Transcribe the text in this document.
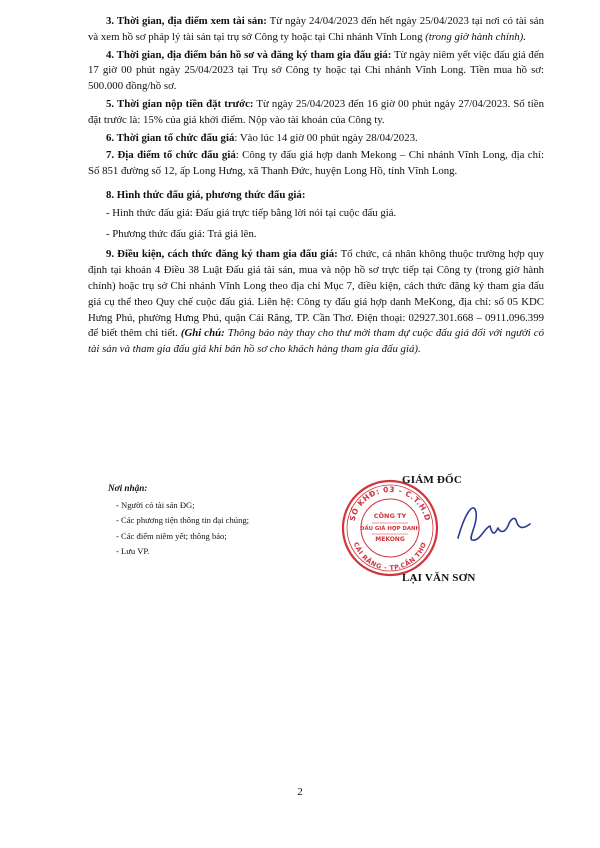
3. Thời gian, địa điểm xem tài sản: Từ ngày 24/04/2023 đến hết ngày 25/04/2023 tại nơi có tài sản và xem hồ sơ pháp lý tài sản tại trụ sở Công ty hoặc tại Chi nhánh Vĩnh Long (trong giờ hành chính).

4. Thời gian, địa điểm bán hồ sơ và đăng ký tham gia đấu giá: Từ ngày niêm yết việc đấu giá đến 17 giờ 00 phút ngày 25/04/2023 tại Trụ sở Công ty hoặc tại Chi nhánh Vĩnh Long. Tiền mua hồ sơ: 500.000 đồng/hồ sơ.

5. Thời gian nộp tiền đặt trước: Từ ngày 25/04/2023 đến 16 giờ 00 phút ngày 27/04/2023. Số tiền đặt trước là: 15% của giá khởi điểm. Nộp vào tài khoản của Công ty.

6. Thời gian tổ chức đấu giá: Vào lúc 14 giờ 00 phút ngày 28/04/2023.

7. Địa điểm tổ chức đấu giá: Công ty đấu giá hợp danh Mekong – Chi nhánh Vĩnh Long, địa chỉ: Số 851 đường số 12, ấp Long Hưng, xã Thanh Đức, huyện Long Hồ, tỉnh Vĩnh Long.

8. Hình thức đấu giá, phương thức đấu giá:

- Hình thức đấu giá: Đấu giá trực tiếp bằng lời nói tại cuộc đấu giá.

- Phương thức đấu giá: Trả giá lên.

9. Điều kiện, cách thức đăng ký tham gia đấu giá: Tổ chức, cá nhân không thuộc trường hợp quy định tại khoản 4 Điều 38 Luật Đấu giá tài sản, mua và nộp hồ sơ trực tiếp tại Công ty (trong giờ hành chính) hoặc trụ sở Chi nhánh Vĩnh Long theo địa chỉ Mục 7, điều kiện, cách thức đăng ký tham gia đấu giá cụ thể theo Quy chế cuộc đấu giá. Liên hệ: Công ty đấu giá hợp danh MeKong, địa chỉ: số 05 KDC Hưng Phú, phường Hưng Phú, quận Cái Răng, TP. Cần Thơ. Điện thoại: 02927.301.668 – 0911.096.399 để biết thêm chi tiết. (Ghi chú: Thông báo này thay cho thư mời tham dự cuộc đấu giá đối với người có tài sản và tham gia đấu giá khi bán hồ sơ cho khách hàng tham gia đấu giá).

Nơi nhận:
- Người có tài sản ĐG;
- Các phương tiện thông tin đại chúng;
- Các điểm niêm yết; thông báo;
- Lưu VP.
SỐ KHĐ: 03 - C.T.H.D
CÁI RĂNG - TP.CẦN THƠ
CÔNG TY
ĐẤU GIÁ HỢP DANH
MEKONG
GIÁM ĐỐC
LẠI VĂN SƠN
2
